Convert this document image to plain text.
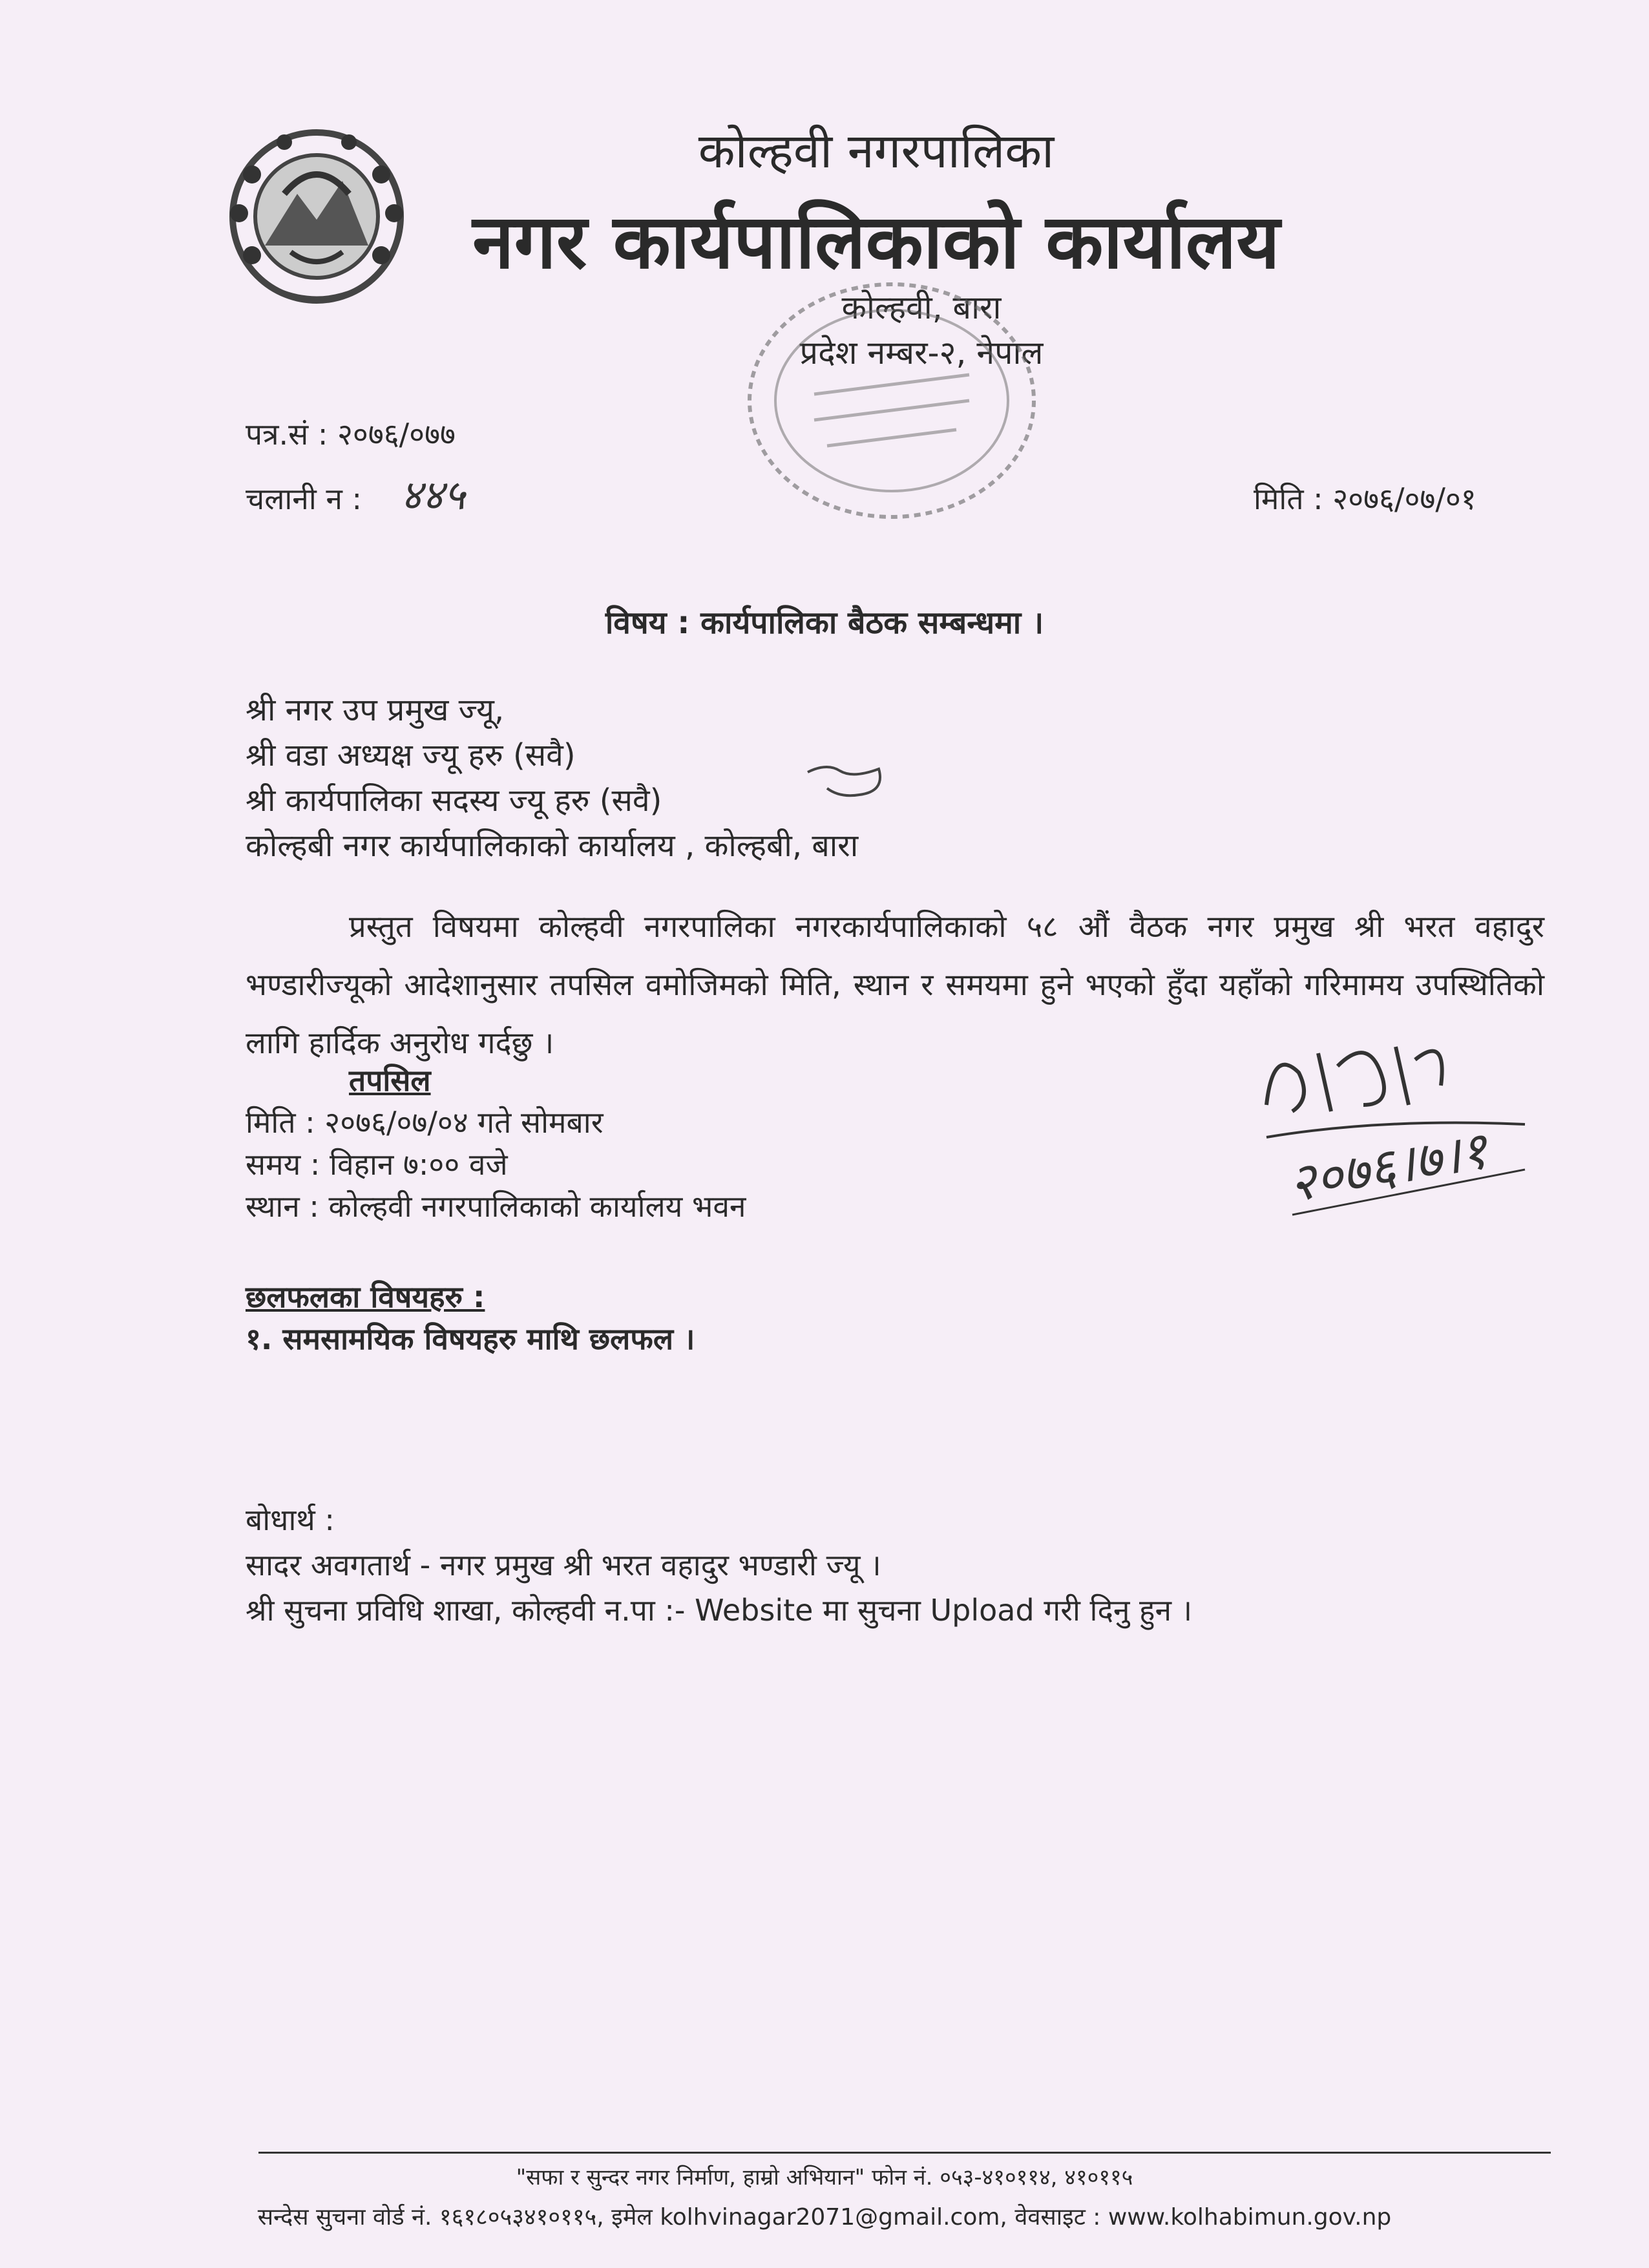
कोल्हवी नगरपालिका
नगर कार्यपालिकाको कार्यालय
कोल्हवी, बारा
प्रदेश नम्बर-२, नेपाल
पत्र.सं : २०७६/०७७
चलानी न : ४४५	मिति : २०७६/०७/०१
विषय : कार्यपालिका बैठक सम्बन्धमा ।
श्री नगर उप प्रमुख ज्यू,
श्री वडा अध्यक्ष ज्यू हरु (सवै)
श्री कार्यपालिका सदस्य ज्यू हरु (सवै)
कोल्हबी नगर कार्यपालिकाको कार्यालय , कोल्हबी, बारा
प्रस्तुत विषयमा कोल्हवी नगरपालिका नगरकार्यपालिकाको ५८ औं वैठक नगर प्रमुख श्री भरत वहादुर भण्डारीज्यूको आदेशानुसार तपसिल वमोजिमको मिति, स्थान र समयमा हुने भएको हुँदा यहाँको गरिमामय उपस्थितिको लागि हार्दिक अनुरोध गर्दछु ।
तपसिल
मिति : २०७६/०७/०४ गते सोमबार
समय : विहान ७:०० वजे
स्थान : कोल्हवी नगरपालिकाको कार्यालय भवन
छलफलका विषयहरु :
१. समसामयिक विषयहरु माथि छलफल ।
बोधार्थ :
सादर अवगतार्थ - नगर प्रमुख श्री भरत वहादुर भण्डारी ज्यू ।
श्री सुचना प्रविधि शाखा, कोल्हवी न.पा :- Website मा सुचना Upload गरी दिनु हुन ।
२०७६।७।१
"सफा र सुन्दर नगर निर्माण, हाम्रो अभियान" फोन नं. ०५३-४१०११४, ४१०११५
सन्देस सुचना वोर्ड नं. १६१८०५३४१०११५, इमेल kolhvinagar2071@gmail.com, वेवसाइट : www.kolhabimun.gov.np
